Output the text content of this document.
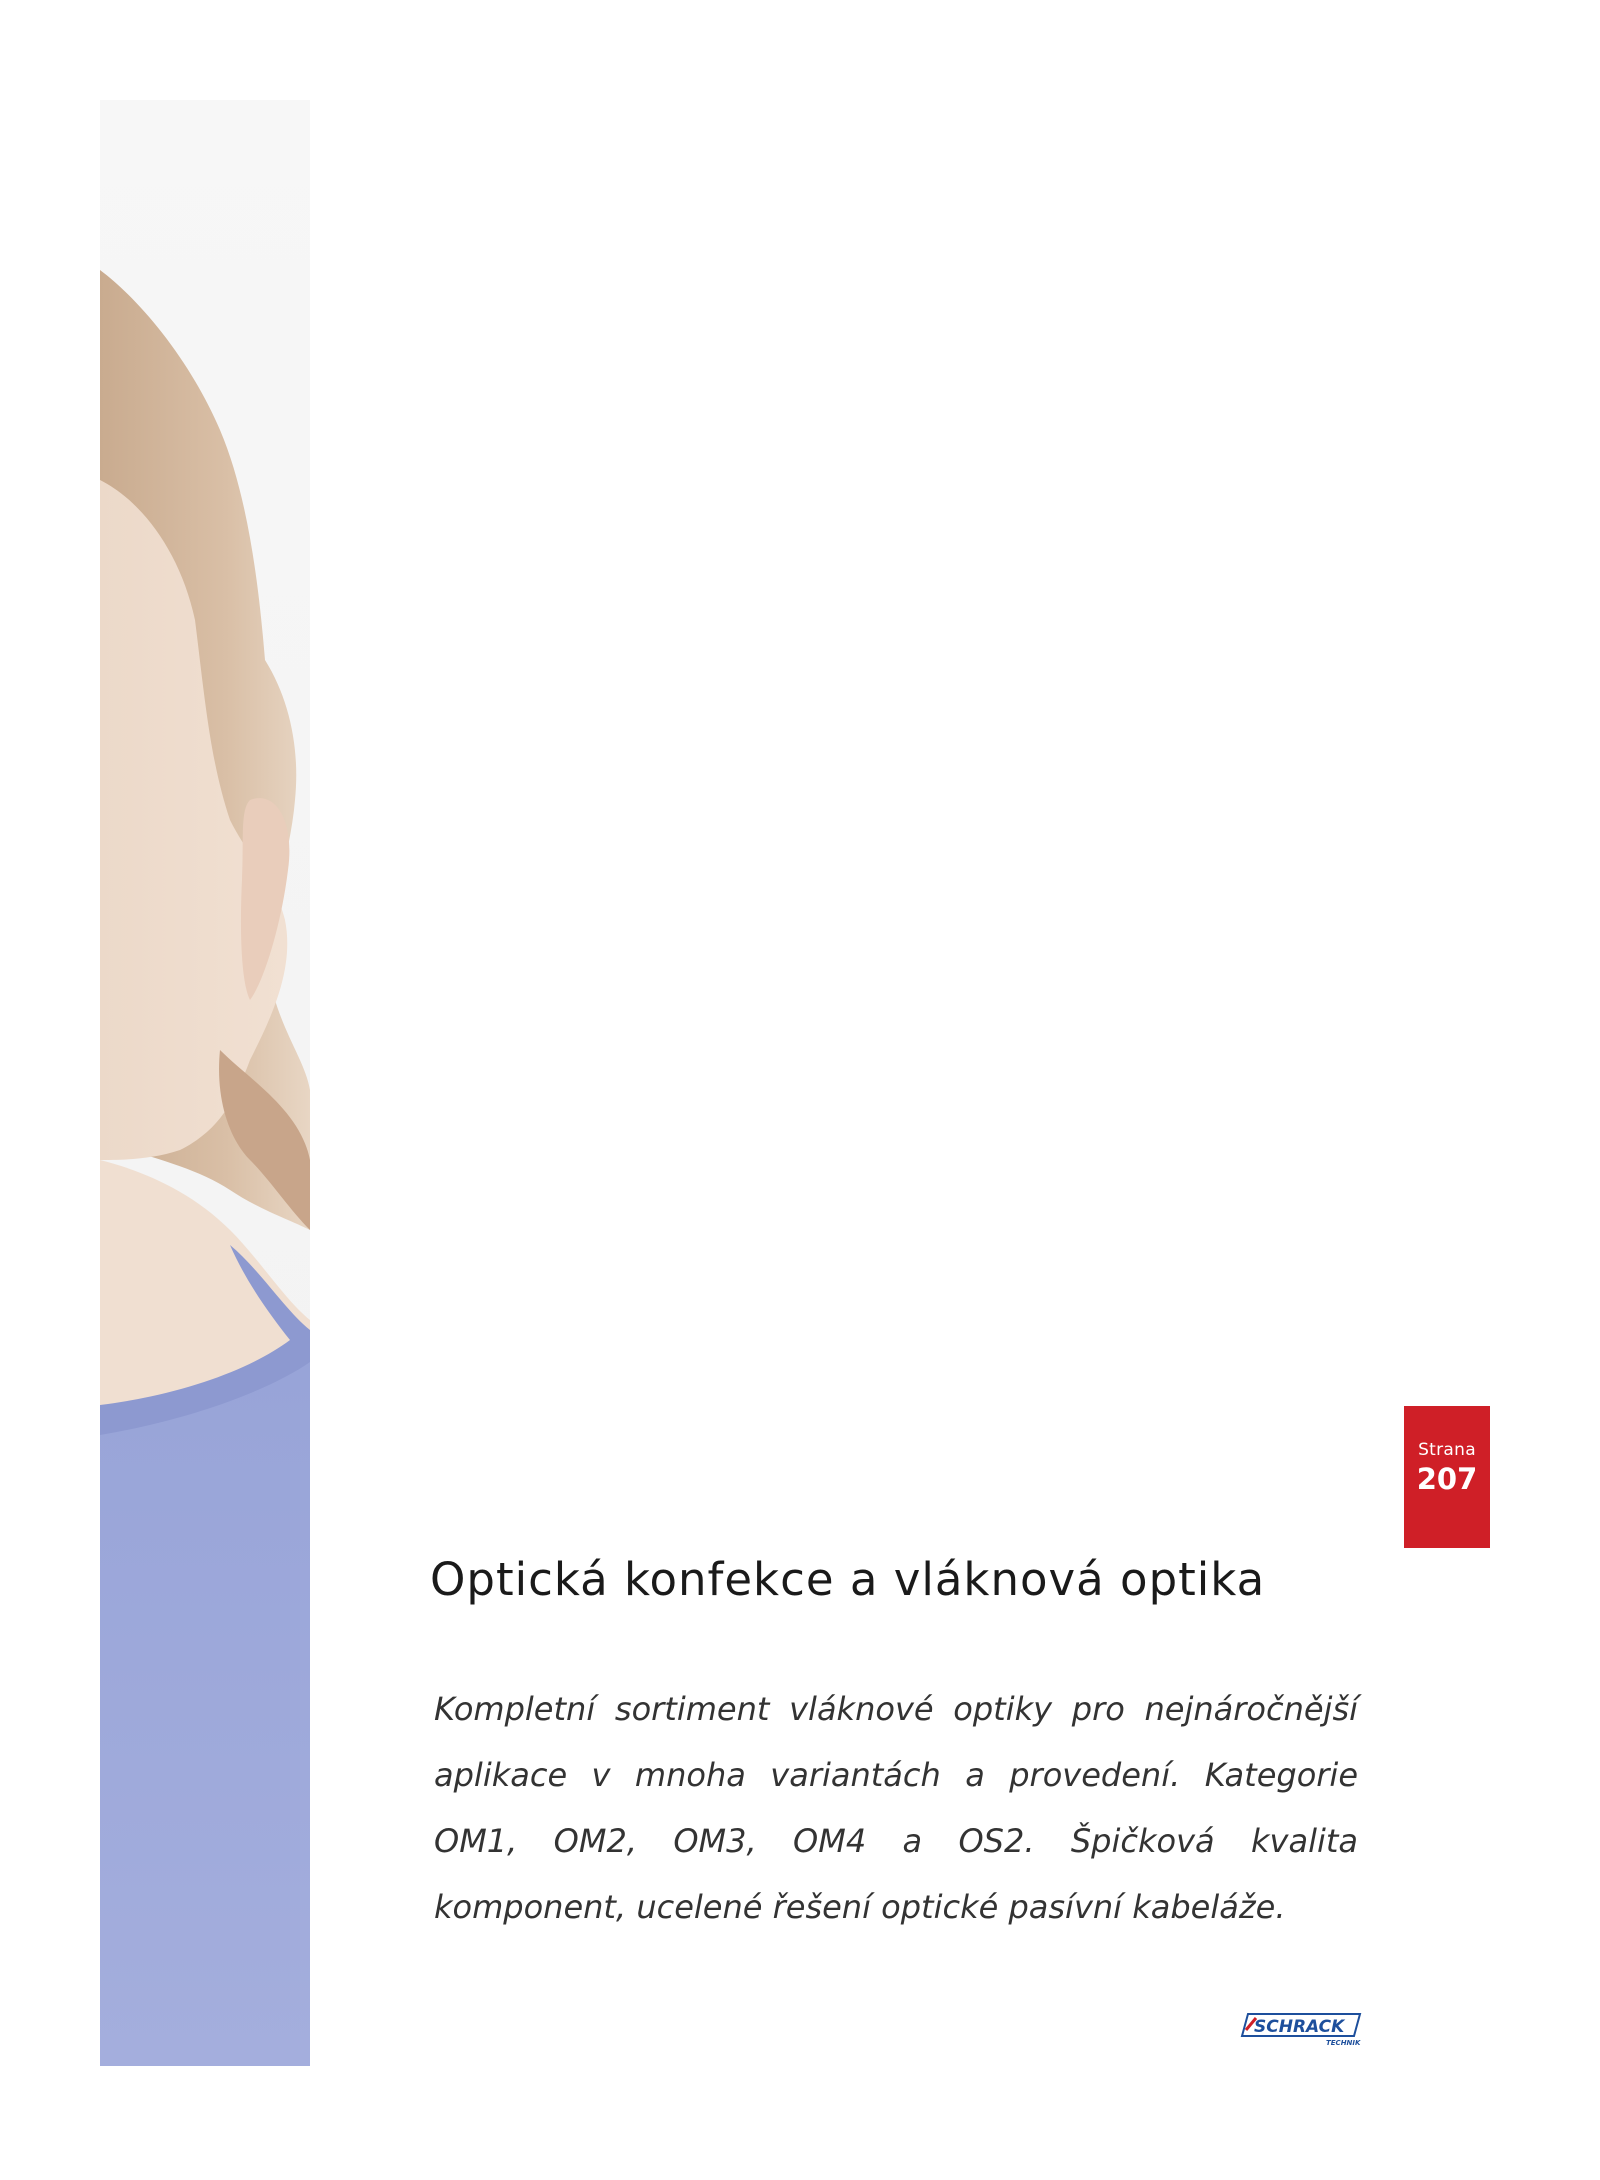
Strana
207
Optická konfekce a vláknová optika

Kompletní sortiment vláknové optiky pro nejnáročnější aplikace v mnoha variantách a provedení. Kategorie OM1, OM2, OM3, OM4 a OS2. Špičková kvalita komponent, ucelené řešení optické pasívní kabeláže.

SCHRACK
TECHNIK
